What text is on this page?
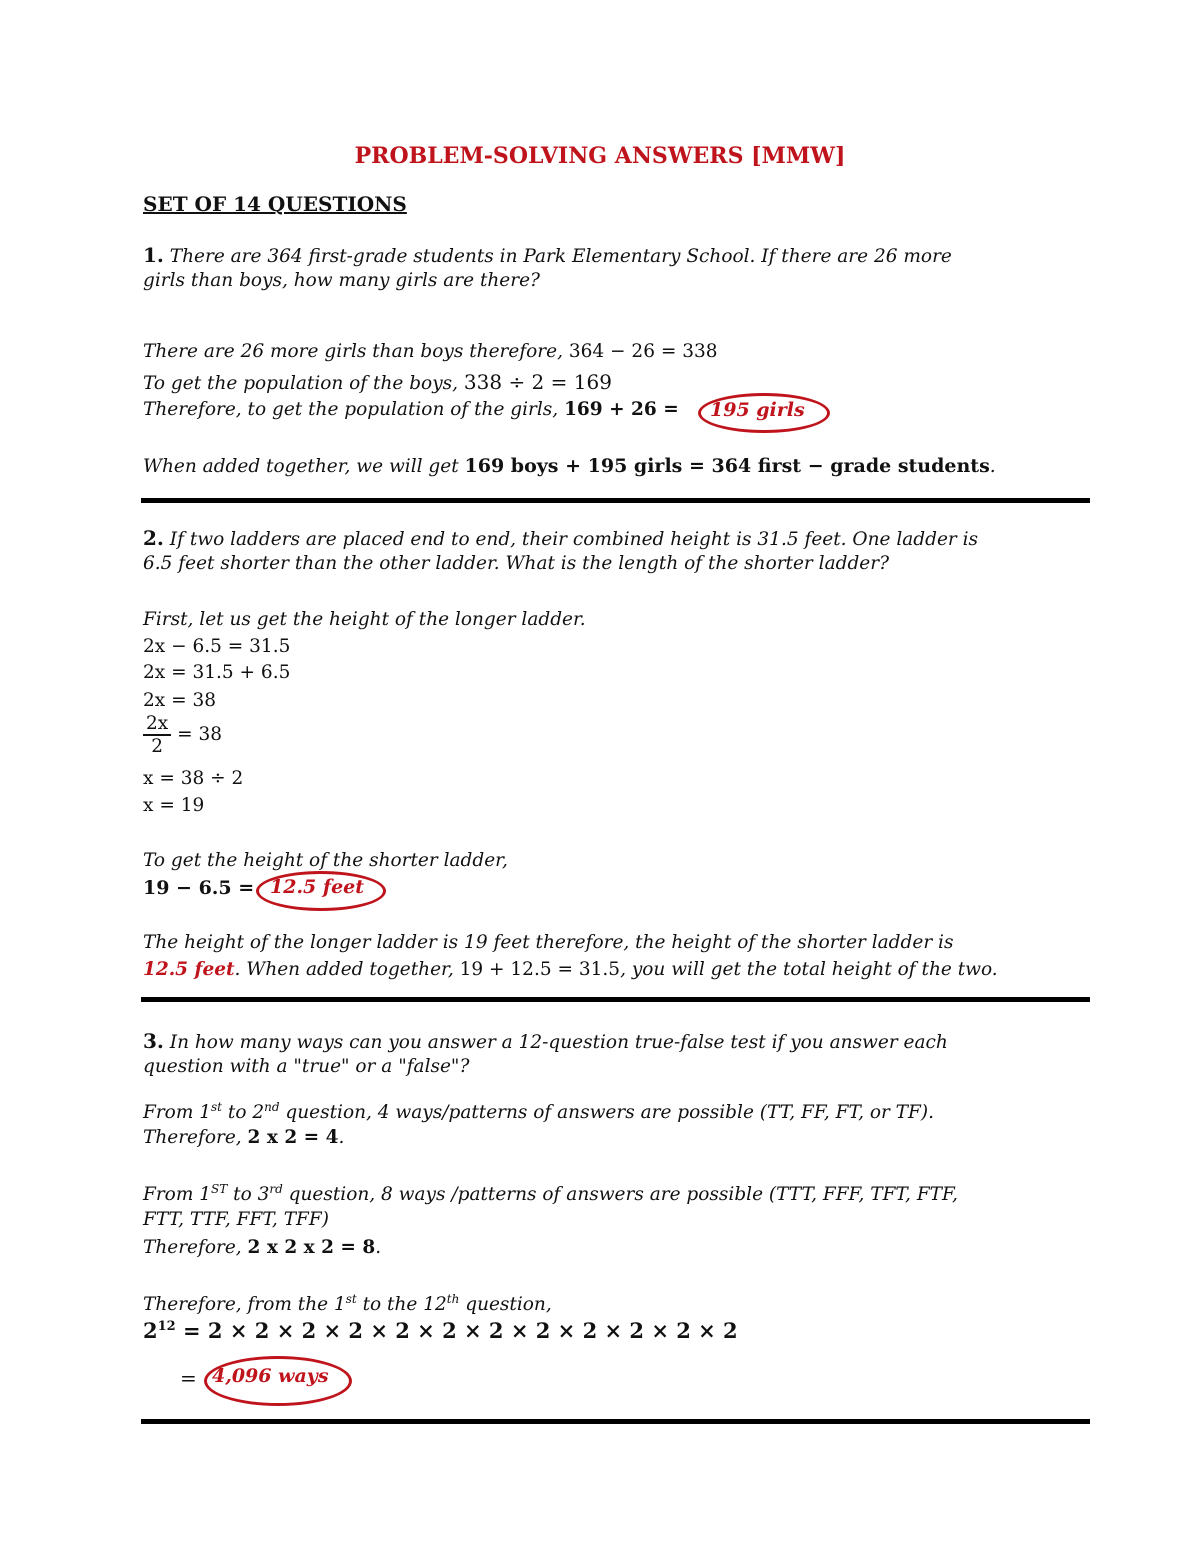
PROBLEM-SOLVING ANSWERS [MMW]
SET OF 14 QUESTIONS
1. There are 364 first-grade students in Park Elementary School. If there are 26 more
girls than boys, how many girls are there?
There are 26 more girls than boys therefore, 364 − 26 = 338
To get the population of the boys, 338 ÷ 2 = 169
Therefore, to get the population of the girls, 169 + 26 = 195 girls
When added together, we will get 169 boys + 195 girls = 364 first − grade students.
2. If two ladders are placed end to end, their combined height is 31.5 feet. One ladder is
6.5 feet shorter than the other ladder. What is the length of the shorter ladder?
First, let us get the height of the longer ladder.
2x − 6.5 = 31.5
2x = 31.5 + 6.5
2x = 38
$\frac{2x}{2} = 38$
x = 38 ÷ 2
x = 19
To get the height of the shorter ladder,
19 − 6.5 = 12.5 feet
The height of the longer ladder is 19 feet therefore, the height of the shorter ladder is
12.5 feet. When added together, 19 + 12.5 = 31.5, you will get the total height of the two.
3. In how many ways can you answer a 12-question true-false test if you answer each
question with a "true" or a "false"?
From 1st to 2nd question, 4 ways/patterns of answers are possible (TT, FF, FT, or TF).
Therefore, 2 x 2 = 4.
From 1ST to 3rd question, 8 ways /patterns of answers are possible (TTT, FFF, TFT, FTF,
FTT, TTF, FFT, TFF)
Therefore, 2 x 2 x 2 = 8.
Therefore, from the 1st to the 12th question,
$2^{12} = 2 \times 2 \times 2 \times 2 \times 2 \times 2 \times 2 \times 2 \times 2 \times 2 \times 2 \times 2$
= 4,096 ways
